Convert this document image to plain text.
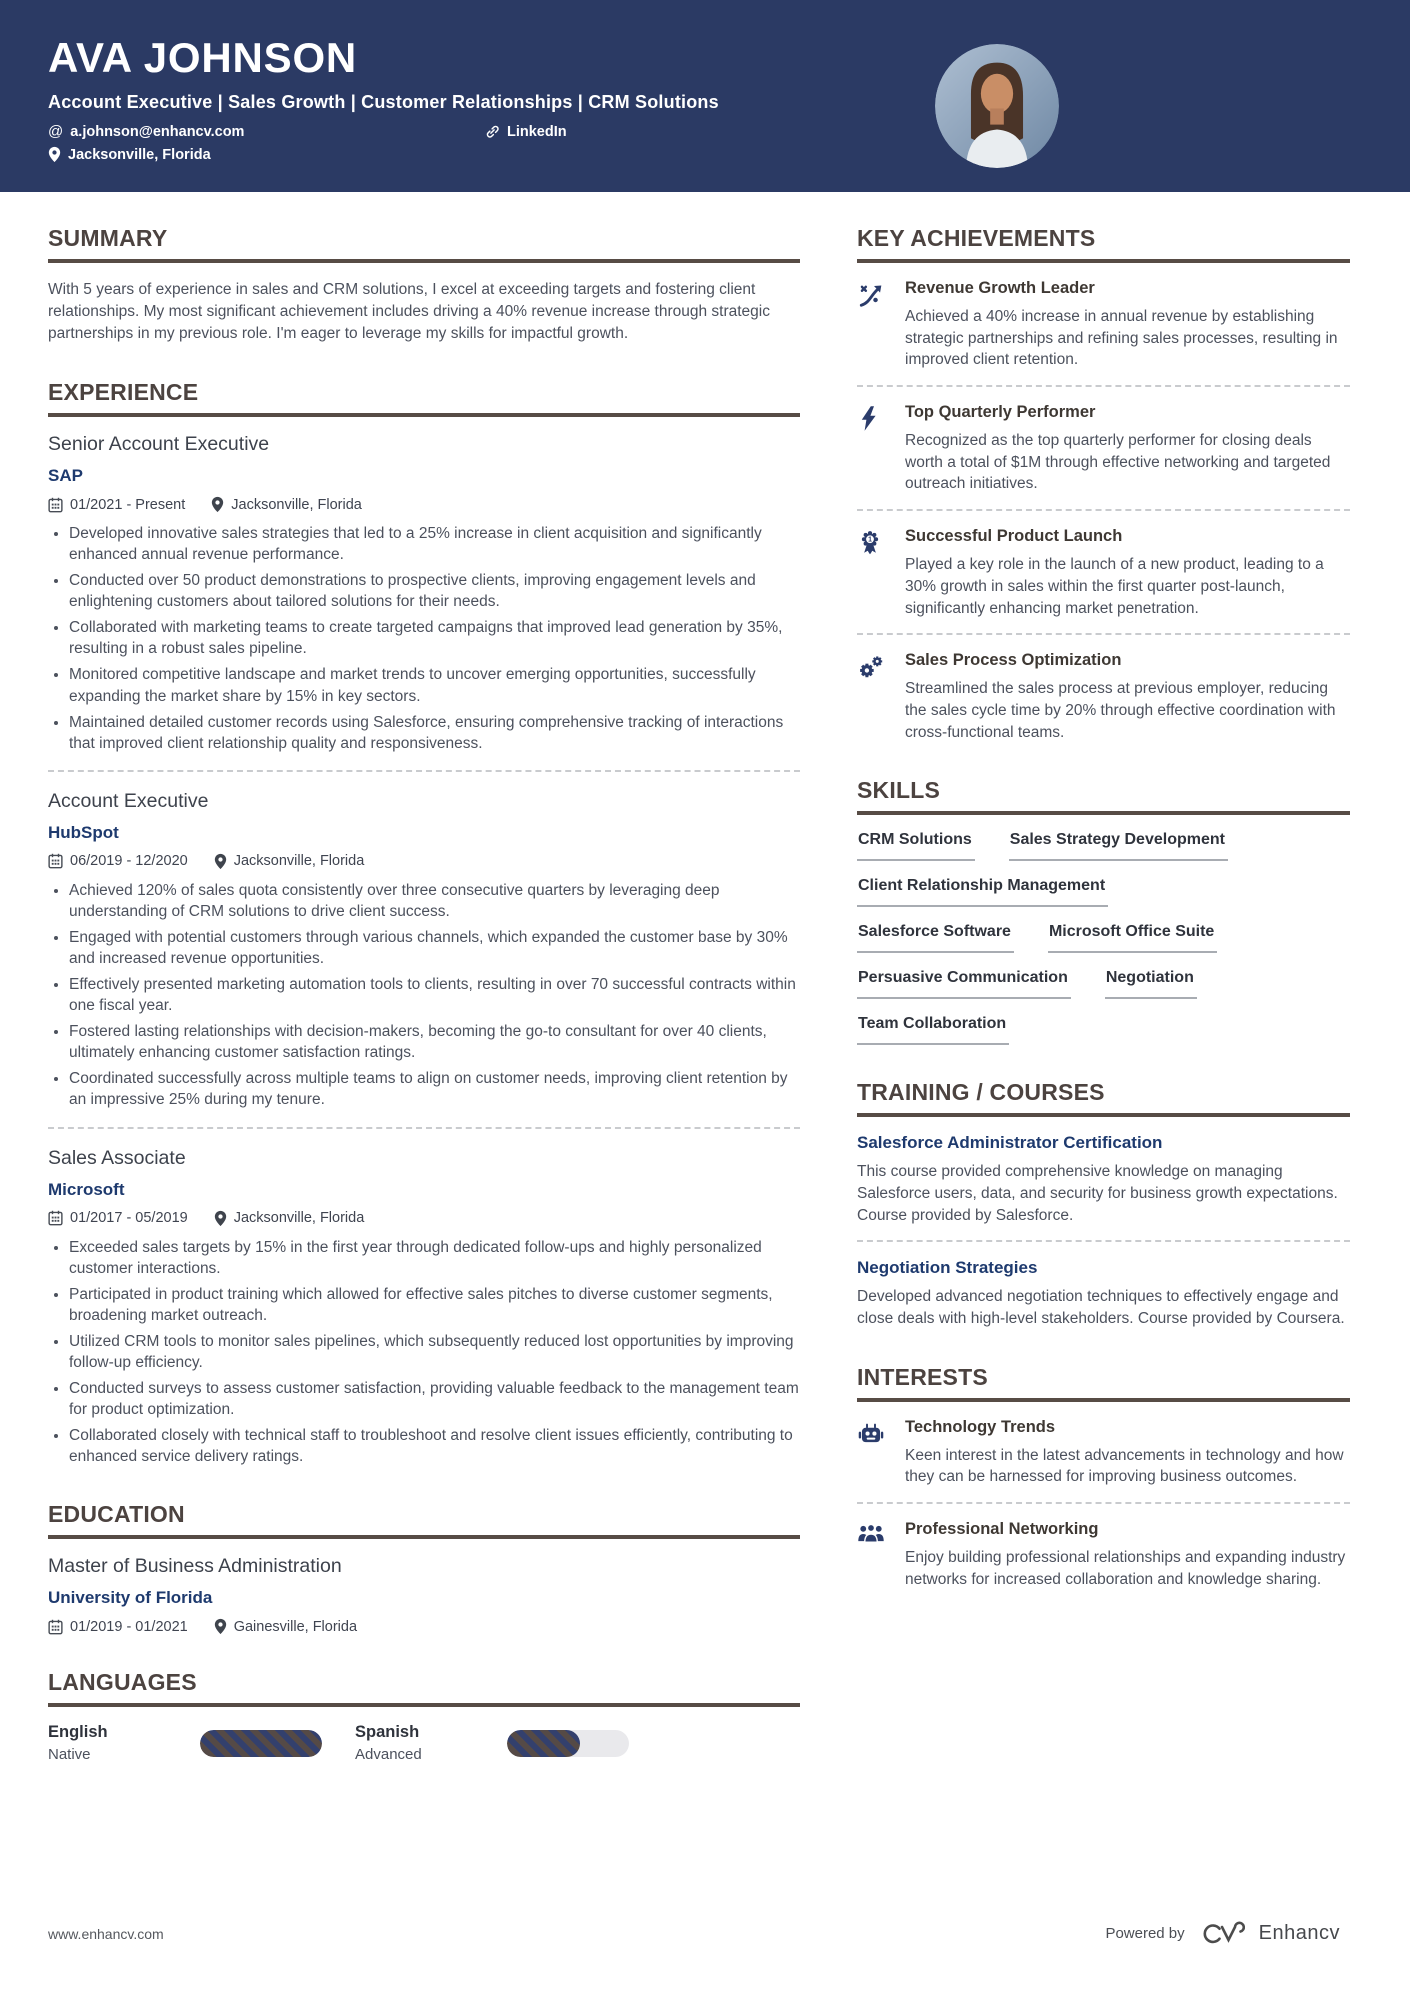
AVA JOHNSON
Account Executive | Sales Growth | Customer Relationships | CRM Solutions
@ a.johnson@enhancv.com	LinkedIn
Jacksonville, Florida
SUMMARY
With 5 years of experience in sales and CRM solutions, I excel at exceeding targets and fostering client relationships. My most significant achievement includes driving a 40% revenue increase through strategic partnerships in my previous role. I'm eager to leverage my skills for impactful growth.
EXPERIENCE
Senior Account Executive
SAP
01/2021 - Present	Jacksonville, Florida
• Developed innovative sales strategies that led to a 25% increase in client acquisition and significantly enhanced annual revenue performance.
• Conducted over 50 product demonstrations to prospective clients, improving engagement levels and enlightening customers about tailored solutions for their needs.
• Collaborated with marketing teams to create targeted campaigns that improved lead generation by 35%, resulting in a robust sales pipeline.
• Monitored competitive landscape and market trends to uncover emerging opportunities, successfully expanding the market share by 15% in key sectors.
• Maintained detailed customer records using Salesforce, ensuring comprehensive tracking of interactions that improved client relationship quality and responsiveness.
Account Executive
HubSpot
06/2019 - 12/2020	Jacksonville, Florida
• Achieved 120% of sales quota consistently over three consecutive quarters by leveraging deep understanding of CRM solutions to drive client success.
• Engaged with potential customers through various channels, which expanded the customer base by 30% and increased revenue opportunities.
• Effectively presented marketing automation tools to clients, resulting in over 70 successful contracts within one fiscal year.
• Fostered lasting relationships with decision-makers, becoming the go-to consultant for over 40 clients, ultimately enhancing customer satisfaction ratings.
• Coordinated successfully across multiple teams to align on customer needs, improving client retention by an impressive 25% during my tenure.
Sales Associate
Microsoft
01/2017 - 05/2019	Jacksonville, Florida
• Exceeded sales targets by 15% in the first year through dedicated follow-ups and highly personalized customer interactions.
• Participated in product training which allowed for effective sales pitches to diverse customer segments, broadening market outreach.
• Utilized CRM tools to monitor sales pipelines, which subsequently reduced lost opportunities by improving follow-up efficiency.
• Conducted surveys to assess customer satisfaction, providing valuable feedback to the management team for product optimization.
• Collaborated closely with technical staff to troubleshoot and resolve client issues efficiently, contributing to enhanced service delivery ratings.
EDUCATION
Master of Business Administration
University of Florida
01/2019 - 01/2021	Gainesville, Florida
LANGUAGES
English
Native
Spanish
Advanced
KEY ACHIEVEMENTS
Revenue Growth Leader
Achieved a 40% increase in annual revenue by establishing strategic partnerships and refining sales processes, resulting in improved client retention.
Top Quarterly Performer
Recognized as the top quarterly performer for closing deals worth a total of $1M through effective networking and targeted outreach initiatives.
1 Successful Product Launch
Played a key role in the launch of a new product, leading to a 30% growth in sales within the first quarter post-launch, significantly enhancing market penetration.
Sales Process Optimization
Streamlined the sales process at previous employer, reducing the sales cycle time by 20% through effective coordination with cross-functional teams.
SKILLS
CRM Solutions Sales Strategy Development
Client Relationship Management
Salesforce Software Microsoft Office Suite
Persuasive Communication Negotiation
Team Collaboration
TRAINING / COURSES
Salesforce Administrator Certification
This course provided comprehensive knowledge on managing Salesforce users, data, and security for business growth expectations. Course provided by Salesforce.
Negotiation Strategies
Developed advanced negotiation techniques to effectively engage and close deals with high-level stakeholders. Course provided by Coursera.
INTERESTS
Technology Trends
Keen interest in the latest advancements in technology and how they can be harnessed for improving business outcomes.
Professional Networking
Enjoy building professional relationships and expanding industry networks for increased collaboration and knowledge sharing.
www.enhancv.com	Powered by	Enhancv
